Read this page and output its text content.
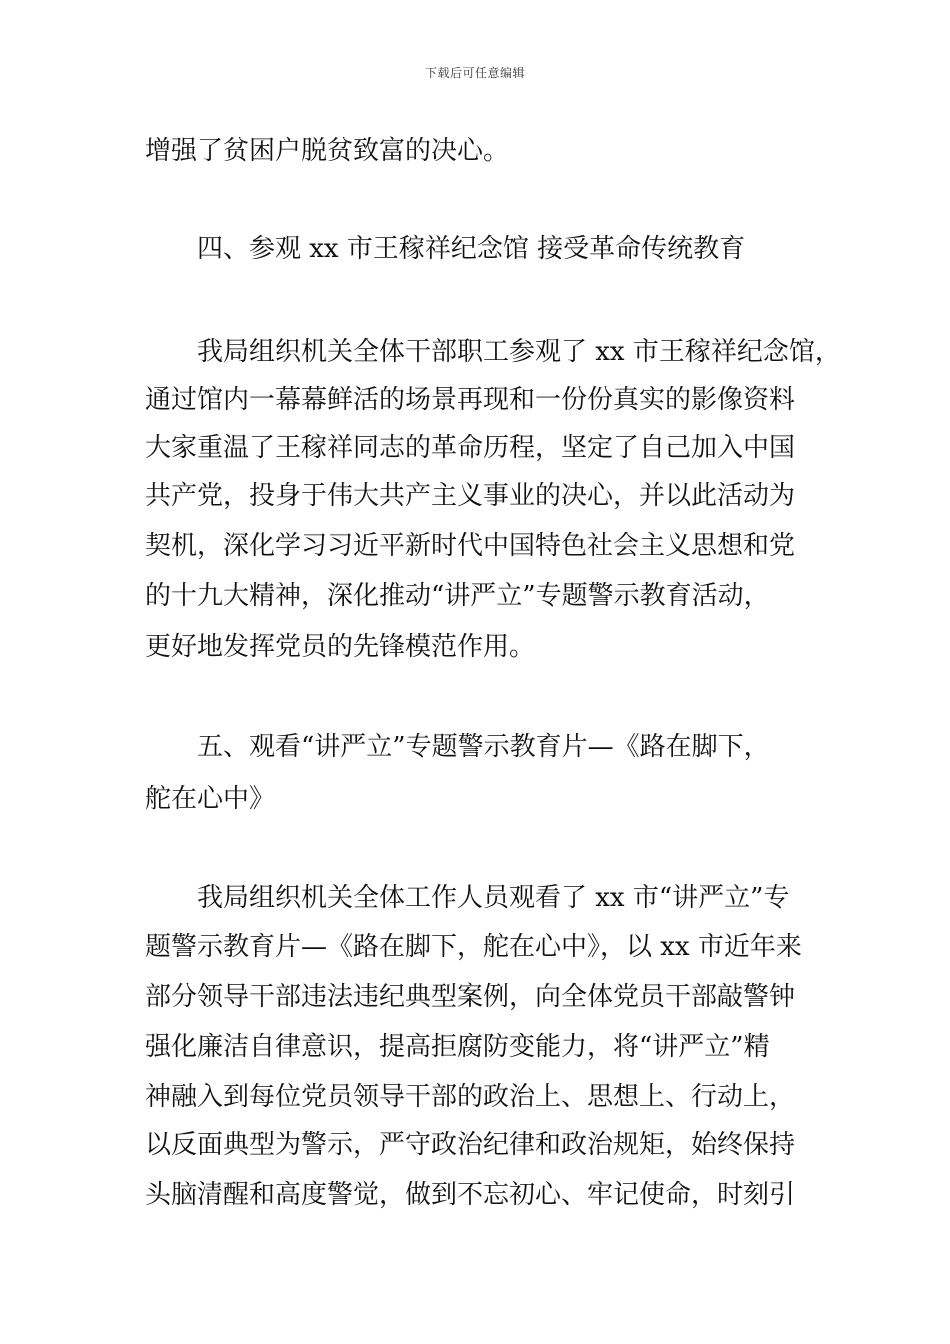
下载后可任意编辑
增强了贫困户脱贫致富的决心。
四、参观 xx 市王稼祥纪念馆 接受革命传统教育
我局组织机关全体干部职工参观了 xx 市王稼祥纪念馆，
通过馆内一幕幕鲜活的场景再现和一份份真实的影像资料
大家重温了王稼祥同志的革命历程，坚定了自己加入中国
共产党，投身于伟大共产主义事业的决心，并以此活动为
契机，深化学习习近平新时代中国特色社会主义思想和党
的十九大精神，深化推动“讲严立”专题警示教育活动，
更好地发挥党员的先锋模范作用。
五、观看“讲严立”专题警示教育片—《路在脚下，
舵在心中》
我局组织机关全体工作人员观看了 xx 市“讲严立”专
题警示教育片—《路在脚下，舵在心中》，以 xx 市近年来
部分领导干部违法违纪典型案例，向全体党员干部敲警钟
强化廉洁自律意识，提高拒腐防变能力，将“讲严立”精
神融入到每位党员领导干部的政治上、思想上、行动上，
以反面典型为警示，严守政治纪律和政治规矩，始终保持
头脑清醒和高度警觉，做到不忘初心、牢记使命，时刻引
